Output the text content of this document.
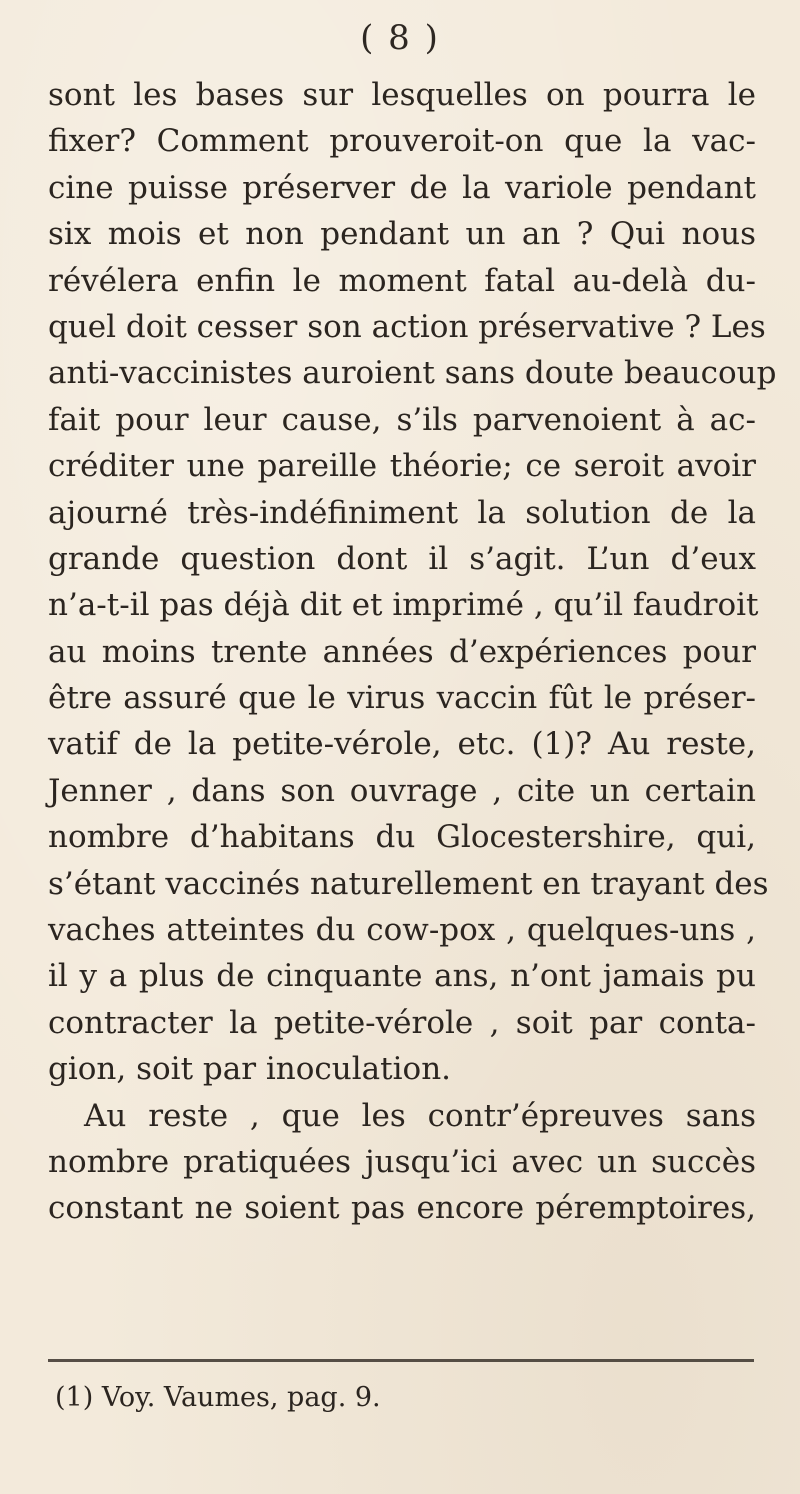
( 8 )
sont les bases sur lesquelles on pourra le
fixer? Comment prouveroit-on que la vac-
cine puisse préserver de la variole pendant
six mois et non pendant un an ? Qui nous
révélera enfin le moment fatal au-delà du-
quel doit cesser son action préservative ? Les
anti-vaccinistes auroient sans doute beaucoup
fait pour leur cause, s’ils parvenoient à ac-
créditer une pareille théorie; ce seroit avoir
ajourné très-indéfiniment la solution de la
grande question dont il s’agit. L’un d’eux
n’a-t-il pas déjà dit et imprimé , qu’il faudroit
au moins trente années d’expériences pour
être assuré que le virus vaccin fût le préser-
vatif de la petite-vérole, etc. (1)? Au reste,
Jenner , dans son ouvrage , cite un certain
nombre d’habitans du Glocestershire, qui,
s’étant vaccinés naturellement en trayant des
vaches atteintes du cow-pox , quelques-uns ,
il y a plus de cinquante ans, n’ont jamais pu
contracter la petite-vérole , soit par conta-
gion, soit par inoculation.
Au reste , que les contr’épreuves sans
nombre pratiquées jusqu’ici avec un succès
constant ne soient pas encore péremptoires,
(1) Voy. Vaumes, pag. 9.
